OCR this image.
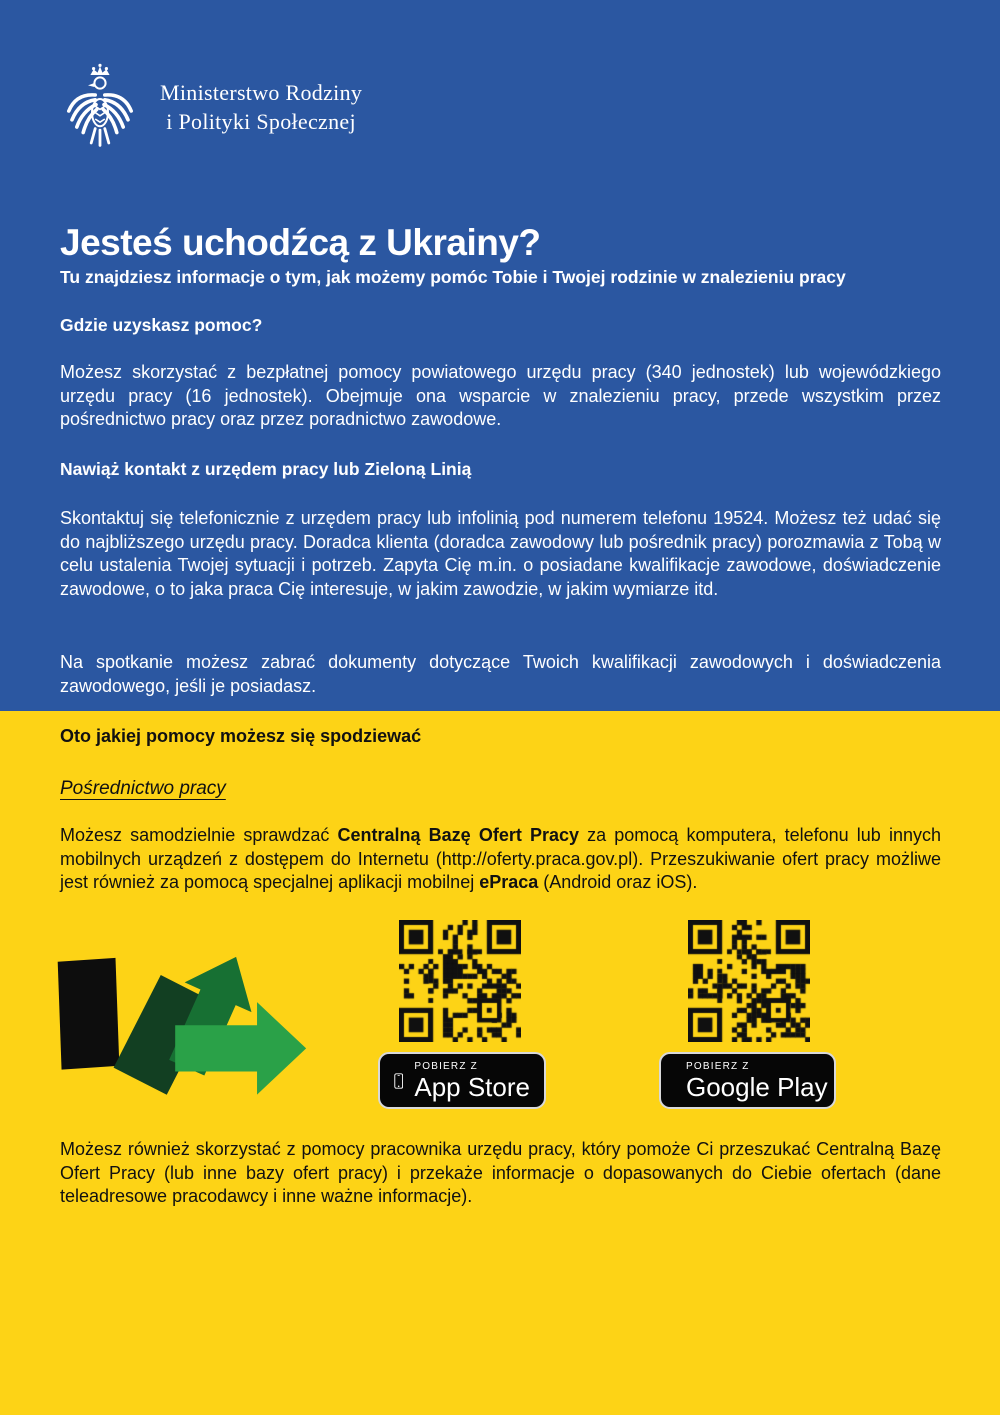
Ministerstwo Rodziny
i Polityki Społecznej
Jesteś uchodźcą z Ukrainy?

Tu znajdziesz informacje o tym, jak możemy pomóc Tobie i Twojej rodzinie w znalezieniu pracy

Gdzie uzyskasz pomoc?

Możesz skorzystać z bezpłatnej pomocy powiatowego urzędu pracy (340 jednostek) lub wojewódzkiego urzędu pracy (16 jednostek). Obejmuje ona wsparcie w znalezieniu pracy, przede wszystkim przez pośrednictwo pracy oraz przez poradnictwo zawodowe.

Nawiąż kontakt z urzędem pracy lub Zieloną Linią

Skontaktuj się telefonicznie z urzędem pracy lub infolinią pod numerem telefonu 19524. Możesz też udać się do najbliższego urzędu pracy. Doradca klienta (doradca zawodowy lub pośrednik pracy) porozmawia z Tobą w celu ustalenia Twojej sytuacji i potrzeb. Zapyta Cię m.in. o posiadane kwalifikacje zawodowe, doświadczenie zawodowe, o to jaka praca Cię interesuje, w jakim zawodzie, w jakim wymiarze itd.

Na spotkanie możesz zabrać dokumenty dotyczące Twoich kwalifikacji zawodowych i doświadczenia zawodowego, jeśli je posiadasz.

Oto jakiej pomocy możesz się spodziewać
Pośrednictwo pracy

Możesz samodzielnie sprawdzać Centralną Bazę Ofert Pracy za pomocą komputera, telefonu lub innych mobilnych urządzeń z dostępem do Internetu (http://oferty.praca.gov.pl). Przeszukiwanie ofert pracy możliwe jest również za pomocą specjalnej aplikacji mobilnej ePraca (Android oraz iOS).

POBIERZ Z
App Store
POBIERZ Z
Google Play

Możesz również skorzystać z pomocy pracownika urzędu pracy, który pomoże Ci przeszukać Centralną Bazę Ofert Pracy (lub inne bazy ofert pracy) i przekaże informacje o dopasowanych do Ciebie ofertach (dane teleadresowe pracodawcy i inne ważne informacje).
